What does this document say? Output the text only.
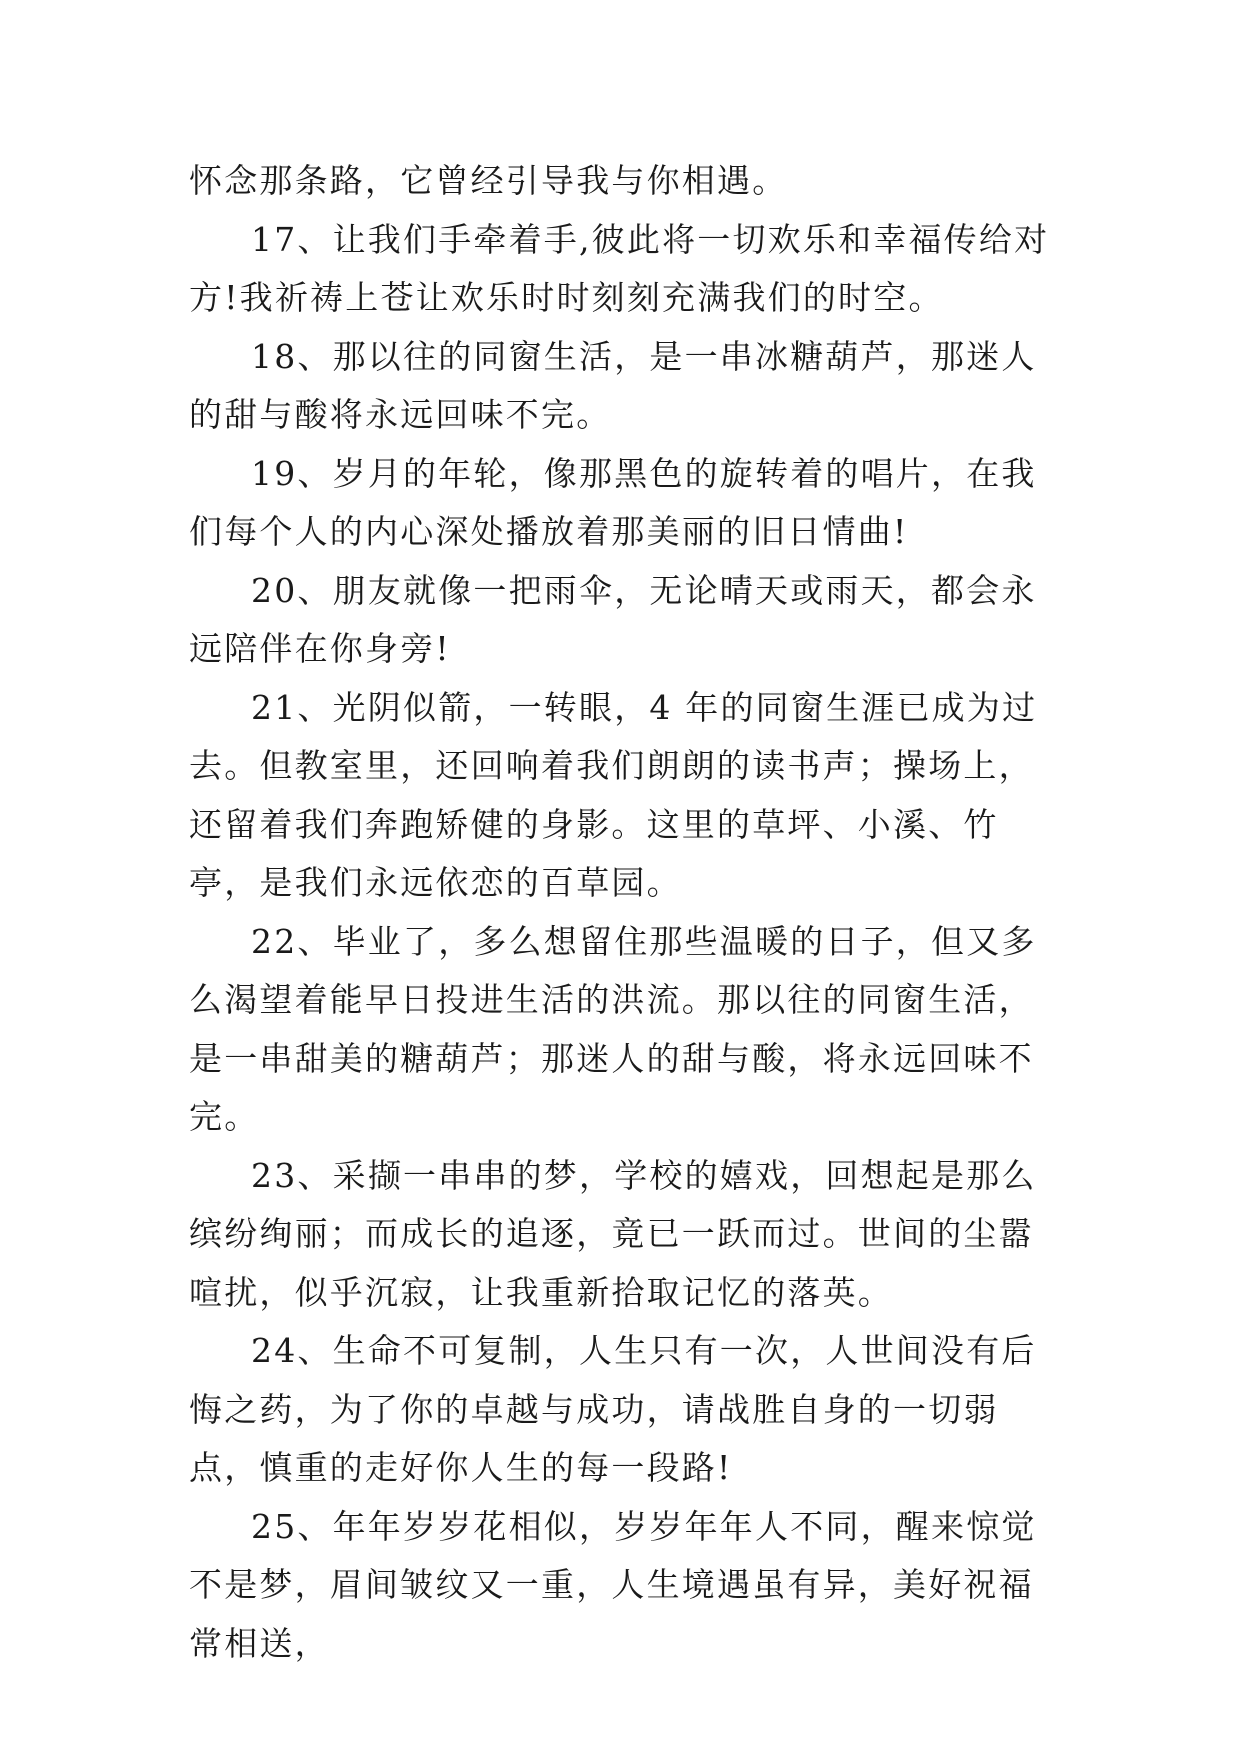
怀念那条路，它曾经引导我与你相遇。

17、让我们手牵着手,彼此将一切欢乐和幸福传给对方!我祈祷上苍让欢乐时时刻刻充满我们的时空。

18、那以往的同窗生活，是一串冰糖葫芦，那迷人的甜与酸将永远回味不完。

19、岁月的年轮，像那黑色的旋转着的唱片，在我们每个人的内心深处播放着那美丽的旧日情曲!

20、朋友就像一把雨伞，无论晴天或雨天，都会永远陪伴在你身旁!

21、光阴似箭，一转眼，4 年的同窗生涯已成为过去。但教室里，还回响着我们朗朗的读书声；操场上，还留着我们奔跑矫健的身影。这里的草坪、小溪、竹亭，是我们永远依恋的百草园。

22、毕业了，多么想留住那些温暖的日子，但又多么渴望着能早日投进生活的洪流。那以往的同窗生活，是一串甜美的糖葫芦；那迷人的甜与酸，将永远回味不完。

23、采撷一串串的梦，学校的嬉戏，回想起是那么缤纷绚丽；而成长的追逐，竟已一跃而过。世间的尘嚣喧扰，似乎沉寂，让我重新拾取记忆的落英。

24、生命不可复制，人生只有一次，人世间没有后悔之药，为了你的卓越与成功，请战胜自身的一切弱点，慎重的走好你人生的每一段路!

25、年年岁岁花相似，岁岁年年人不同，醒来惊觉不是梦，眉间皱纹又一重，人生境遇虽有异，美好祝福常相送，
